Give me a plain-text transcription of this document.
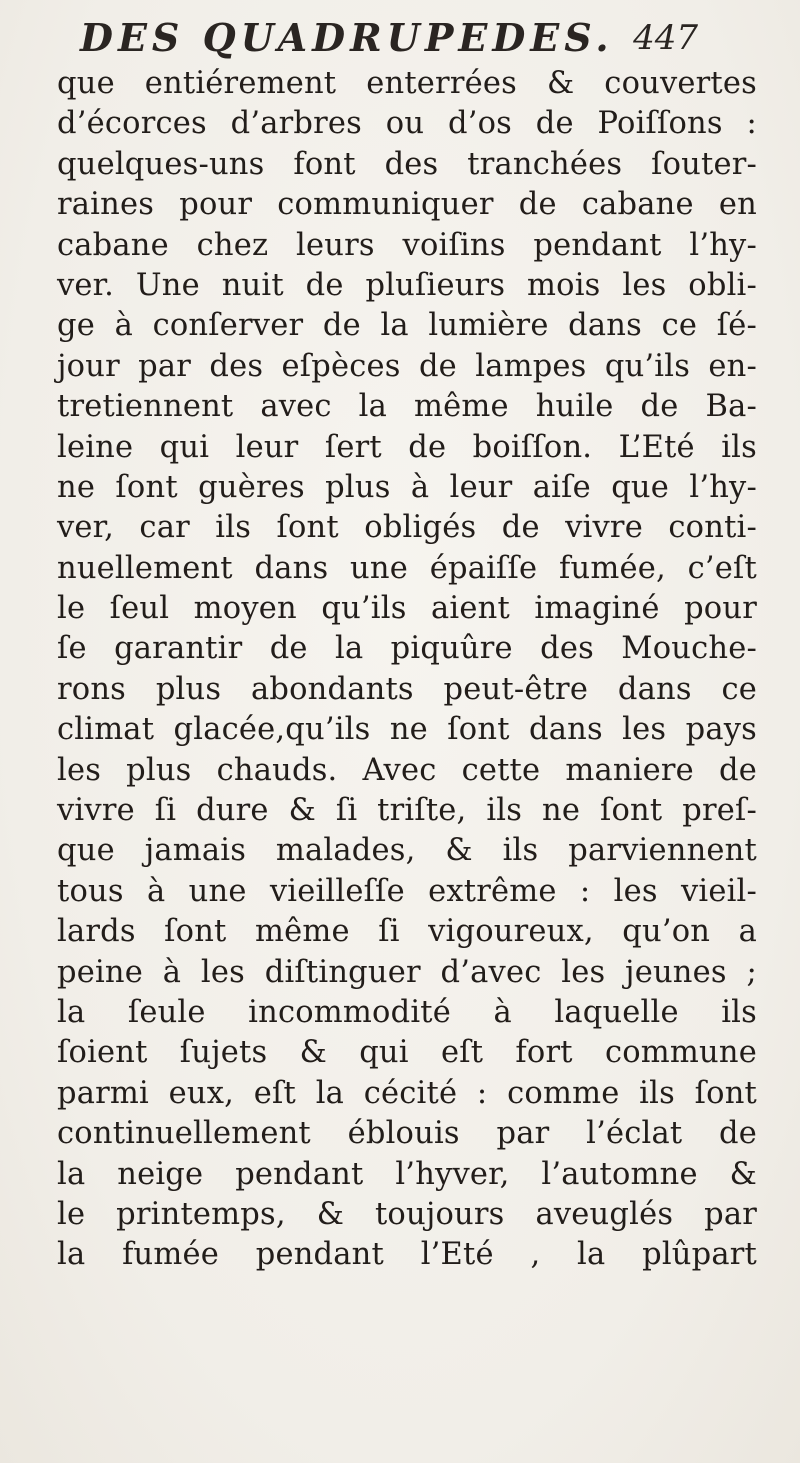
DES QUADRUPEDES. 447
que entiérement enterrées & couvertes
d’écorces d’arbres ou d’os de Poiſſons :
quelques-uns font des tranchées ſouter-
raines pour communiquer de cabane en
cabane chez leurs voiſins pendant l’hy-
ver. Une nuit de pluſieurs mois les obli-
ge à conſerver de la lumière dans ce ſé-
jour par des eſpèces de lampes qu’ils en-
tretiennent avec la même huile de Ba-
leine qui leur ſert de boiſſon. L’Eté ils
ne ſont guères plus à leur aiſe que l’hy-
ver, car ils ſont obligés de vivre conti-
nuellement dans une épaiſſe fumée, c’eſt
le ſeul moyen qu’ils aient imaginé pour
ſe garantir de la piquûre des Mouche-
rons plus abondants peut-être dans ce
climat glacée,qu’ils ne ſont dans les pays
les plus chauds. Avec cette maniere de
vivre ſi dure & ſi triſte, ils ne ſont preſ-
que jamais malades, & ils parviennent
tous à une vieilleſſe extrême : les vieil-
lards ſont même ſi vigoureux, qu’on a
peine à les diſtinguer d’avec les jeunes ;
la ſeule incommodité à laquelle ils
ſoient ſujets & qui eſt fort commune
parmi eux, eſt la cécité : comme ils ſont
continuellement éblouis par l’éclat de
la neige pendant l’hyver, l’automne &
le printemps, & toujours aveuglés par
la fumée pendant l’Eté , la plûpart
